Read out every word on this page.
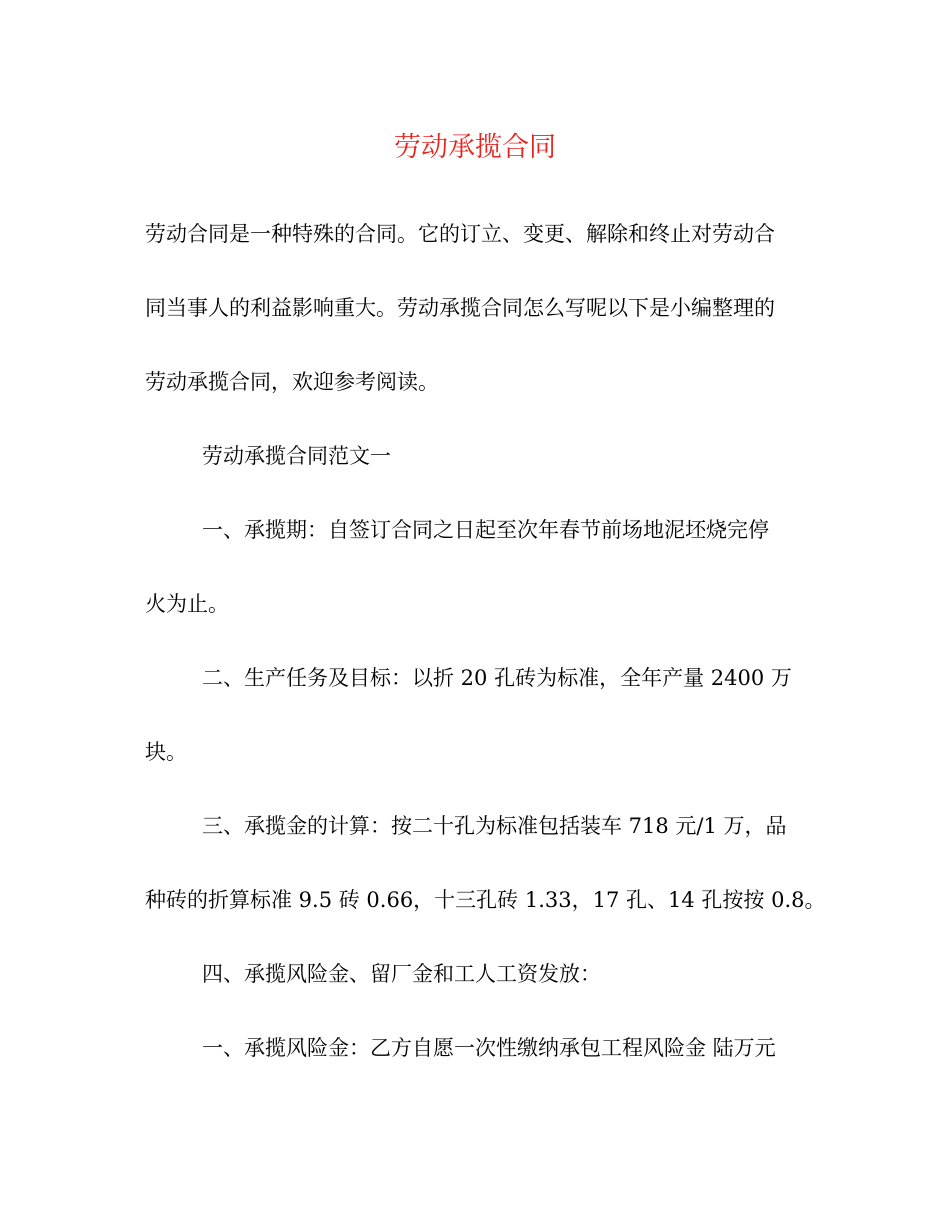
劳动承揽合同
劳动合同是一种特殊的合同。它的订立、变更、解除和终止对劳动合
同当事人的利益影响重大。劳动承揽合同怎么写呢以下是小编整理的
劳动承揽合同，欢迎参考阅读。
劳动承揽合同范文一
一、承揽期：自签订合同之日起至次年春节前场地泥坯烧完停
火为止。
二、生产任务及目标：以折 20 孔砖为标准，全年产量 2400 万
块。
三、承揽金的计算：按二十孔为标准包括装车 718 元/1 万，品
种砖的折算标准 9.5 砖 0.66，十三孔砖 1.33，17 孔、14 孔按按 0.8。
四、承揽风险金、留厂金和工人工资发放：
一、承揽风险金：乙方自愿一次性缴纳承包工程风险金 陆万元
